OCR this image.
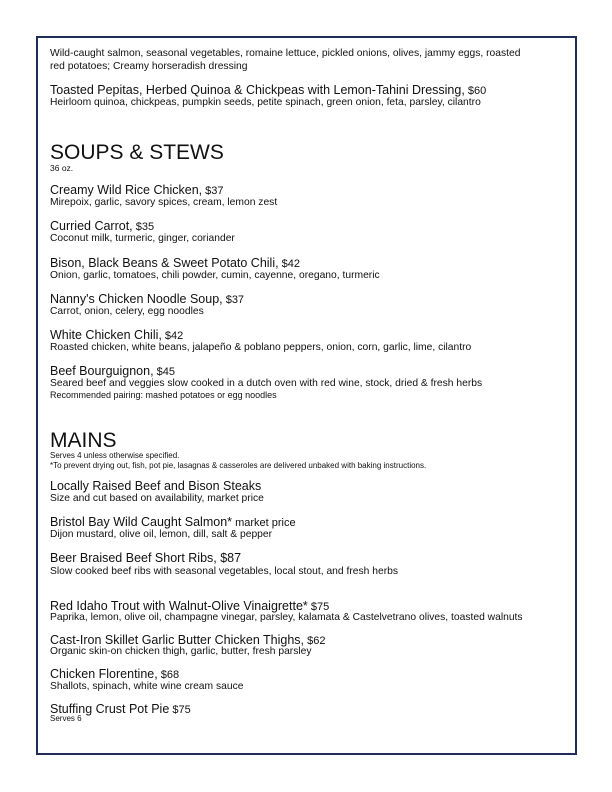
Wild-caught salmon, seasonal vegetables, romaine lettuce, pickled onions, olives, jammy eggs, roasted
red potatoes; Creamy horseradish dressing
Toasted Pepitas, Herbed Quinoa & Chickpeas with Lemon-Tahini Dressing, $60
Heirloom quinoa, chickpeas, pumpkin seeds, petite spinach, green onion, feta, parsley, cilantro
SOUPS & STEWS
36 oz.
Creamy Wild Rice Chicken, $37
Mirepoix, garlic, savory spices, cream, lemon zest
Curried Carrot, $35
Coconut milk, turmeric, ginger, coriander
Bison, Black Beans & Sweet Potato Chili, $42
Onion, garlic, tomatoes, chili powder, cumin, cayenne, oregano, turmeric
Nanny's Chicken Noodle Soup, $37
Carrot, onion, celery, egg noodles
White Chicken Chili, $42
Roasted chicken, white beans, jalapeño & poblano peppers, onion, corn, garlic, lime, cilantro
Beef Bourguignon, $45
Seared beef and veggies slow cooked in a dutch oven with red wine, stock, dried & fresh herbs
Recommended pairing: mashed potatoes or egg noodles
MAINS
Serves 4 unless otherwise specified.
*To prevent drying out, fish, pot pie, lasagnas & casseroles are delivered unbaked with baking instructions.
Locally Raised Beef and Bison Steaks
Size and cut based on availability, market price
Bristol Bay Wild Caught Salmon* market price
Dijon mustard, olive oil, lemon, dill, salt & pepper
Beer Braised Beef Short Ribs, $87
Slow cooked beef ribs with seasonal vegetables, local stout, and fresh herbs
Red Idaho Trout with Walnut-Olive Vinaigrette* $75
Paprika, lemon, olive oil, champagne vinegar, parsley, kalamata & Castelvetrano olives, toasted walnuts
Cast-Iron Skillet Garlic Butter Chicken Thighs, $62
Organic skin-on chicken thigh, garlic, butter, fresh parsley
Chicken Florentine, $68
Shallots, spinach, white wine cream sauce
Stuffing Crust Pot Pie $75
Serves 6
